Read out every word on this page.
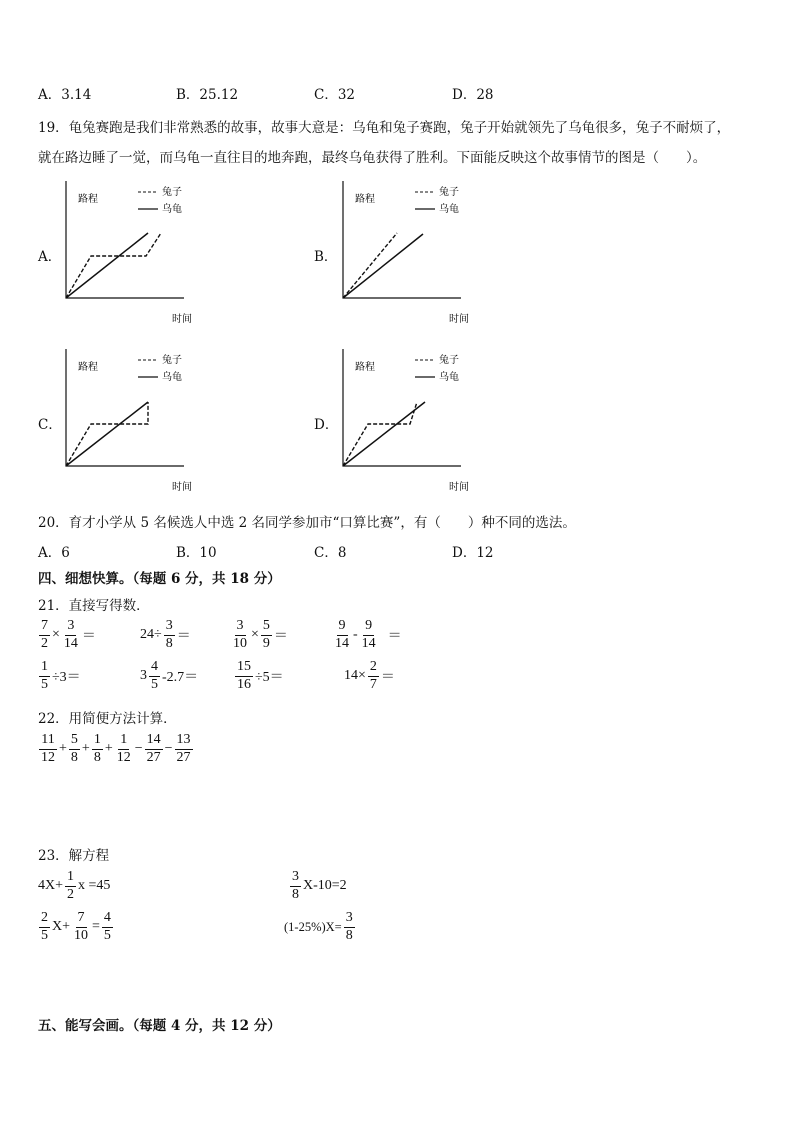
A．3.14	B．25.12	C．32	D．28
19．龟兔赛跑是我们非常熟悉的故事，故事大意是：乌龟和兔子赛跑，兔子开始就领先了乌龟很多，兔子不耐烦了，
就在路边睡了一觉，而乌龟一直往目的地奔跑，最终乌龟获得了胜利。下面能反映这个故事情节的图是（　　）。
A．	B．
C．	D．
路程
时间
兔子
乌龟
路程
时间
兔子
乌龟
路程
时间
兔子
乌龟
路程
时间
兔子
乌龟
20．育才小学从 5 名候选人中选 2 名同学参加市“口算比赛”，有（　　）种不同的选法。
A．6	B．10	C．8	D．12
四、细想快算。（每题 6 分，共 18 分）
21．直接写得数．
$\frac{7}{2} \times \frac{3}{14}$ ＝	$24\div \frac{3}{8}$ ＝	$\frac{3}{10} \times \frac{5}{9}$ ＝	$\frac{9}{14} - \frac{9}{14}$ ＝
$\frac{1}{5} \div 3=$	$3 \frac{4}{5} -2.7=$	$\frac{15}{16} \div 5=$	$14\times \frac{2}{7}$ ＝
22．用简便方法计算．
$\frac{11}{12} + \frac{5}{8} + \frac{1}{8} + \frac{1}{12} - \frac{14}{27} - \frac{13}{27}$
23．解方程
$4X+ \frac{1}{2}$ x =45	$\frac{3}{8} X-10=2$
$\frac{2}{5} X+ \frac{7}{10} = \frac{4}{5}$	$(1-25\%)X= \frac{3}{8}$
五、能写会画。（每题 4 分，共 12 分）
